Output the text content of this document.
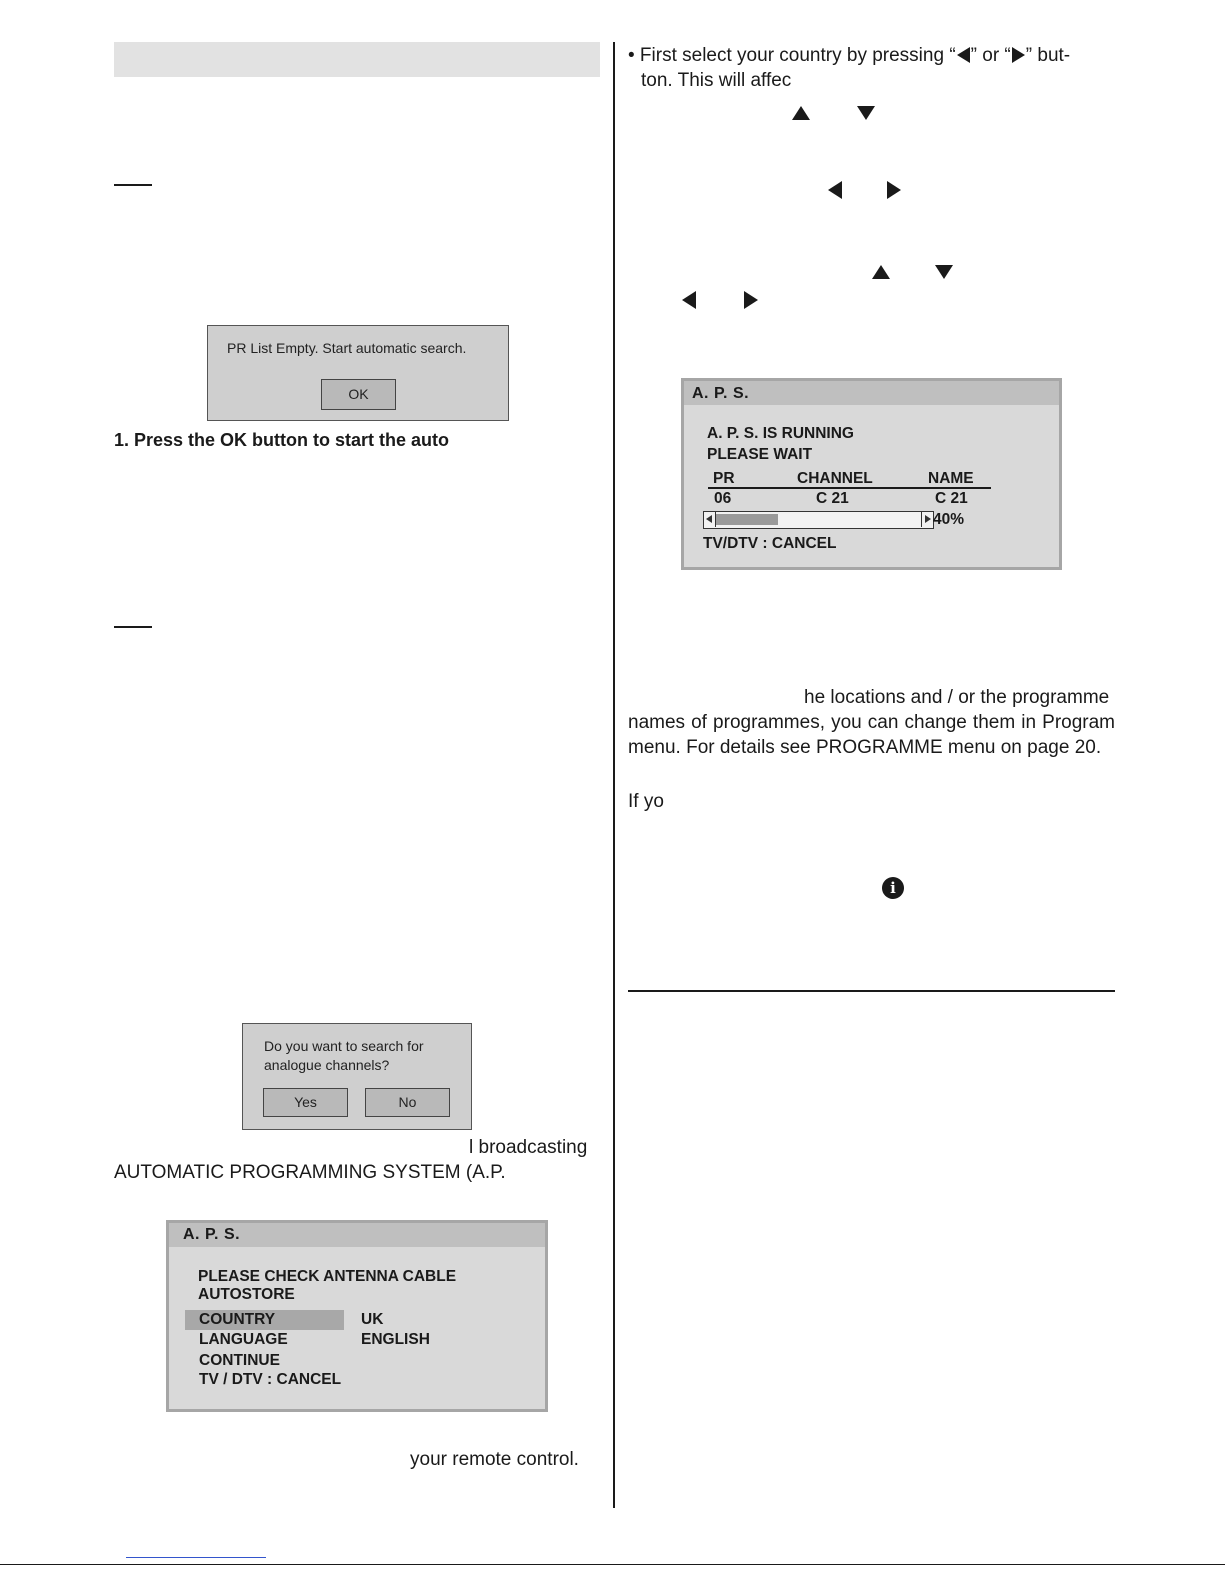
PR List Empty. Start automatic search.
OK
1. Press the OK button to start the auto
Do you want to search for
analogue channels?
Yes	No
l broadcasting
AUTOMATIC PROGRAMMING SYSTEM (A.P.
A. P. S.
PLEASE CHECK ANTENNA CABLE
AUTOSTORE
COUNTRY	UK
LANGUAGE	ENGLISH
CONTINUE
TV / DTV : CANCEL
your remote control.
• First select your country by pressing “ ” or “ ” but-
ton. This will affec
A. P. S.
A. P. S. IS RUNNING
PLEASE WAIT
PR	CHANNEL	NAME
06	C 21	C 21
40%
TV/DTV : CANCEL
he locations and / or the programme
names of programmes, you can change them in Program menu. For details see PROGRAMME menu on page 20.
If yo
i
